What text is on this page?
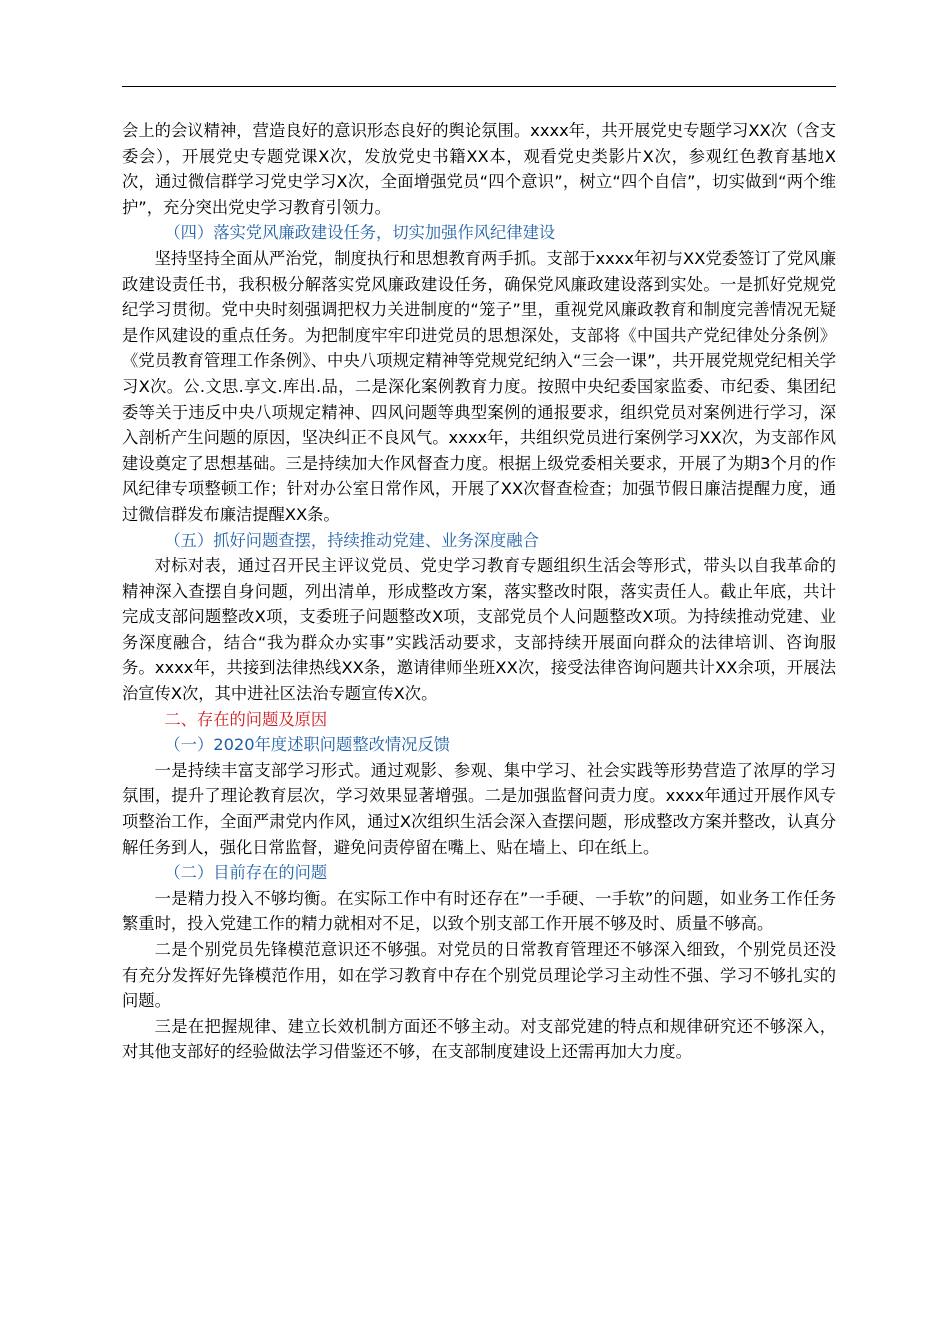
会上的会议精神，营造良好的意识形态良好的舆论氛围。xxxx年，共开展党史专题学习XX次（含支委会），开展党史专题党课X次，发放党史书籍XX本，观看党史类影片X次，参观红色教育基地X次，通过微信群学习党史学习X次，全面增强党员“四个意识”，树立“四个自信”，切实做到“两个维护”，充分突出党史学习教育引领力。

（四）落实党风廉政建设任务，切实加强作风纪律建设

坚持坚持全面从严治党，制度执行和思想教育两手抓。支部于xxxx年初与XX党委签订了党风廉政建设责任书，我积极分解落实党风廉政建设任务，确保党风廉政建设落到实处。一是抓好党规党纪学习贯彻。党中央时刻强调把权力关进制度的“笼子”里，重视党风廉政教育和制度完善情况无疑是作风建设的重点任务。为把制度牢牢印进党员的思想深处，支部将《中国共产党纪律处分条例》《党员教育管理工作条例》、中央八项规定精神等党规党纪纳入“三会一课”，共开展党规党纪相关学习X次。公.文思.享文.库出.品，二是深化案例教育力度。按照中央纪委国家监委、市纪委、集团纪委等关于违反中央八项规定精神、四风问题等典型案例的通报要求，组织党员对案例进行学习，深入剖析产生问题的原因，坚决纠正不良风气。xxxx年，共组织党员进行案例学习XX次，为支部作风建设奠定了思想基础。三是持续加大作风督查力度。根据上级党委相关要求，开展了为期3个月的作风纪律专项整顿工作；针对办公室日常作风，开展了XX次督查检查；加强节假日廉洁提醒力度，通过微信群发布廉洁提醒XX条。

（五）抓好问题查摆，持续推动党建、业务深度融合

对标对表，通过召开民主评议党员、党史学习教育专题组织生活会等形式，带头以自我革命的精神深入查摆自身问题，列出清单，形成整改方案，落实整改时限，落实责任人。截止年底，共计完成支部问题整改X项，支委班子问题整改X项，支部党员个人问题整改X项。为持续推动党建、业务深度融合，结合“我为群众办实事”实践活动要求，支部持续开展面向群众的法律培训、咨询服务。xxxx年，共接到法律热线XX条，邀请律师坐班XX次，接受法律咨询问题共计XX余项，开展法治宣传X次，其中进社区法治专题宣传X次。

二、存在的问题及原因

（一）2020年度述职问题整改情况反馈

一是持续丰富支部学习形式。通过观影、参观、集中学习、社会实践等形势营造了浓厚的学习氛围，提升了理论教育层次，学习效果显著增强。二是加强监督问责力度。xxxx年通过开展作风专项整治工作，全面严肃党内作风，通过X次组织生活会深入查摆问题，形成整改方案并整改，认真分解任务到人，强化日常监督，避免问责停留在嘴上、贴在墙上、印在纸上。

（二）目前存在的问题

一是精力投入不够均衡。在实际工作中有时还存在”一手硬、一手软”的问题，如业务工作任务繁重时，投入党建工作的精力就相对不足，以致个别支部工作开展不够及时、质量不够高。

二是个别党员先锋模范意识还不够强。对党员的日常教育管理还不够深入细致，个别党员还没有充分发挥好先锋模范作用，如在学习教育中存在个别党员理论学习主动性不强、学习不够扎实的问题。

三是在把握规律、建立长效机制方面还不够主动。对支部党建的特点和规律研究还不够深入，对其他支部好的经验做法学习借鉴还不够，在支部制度建设上还需再加大力度。
